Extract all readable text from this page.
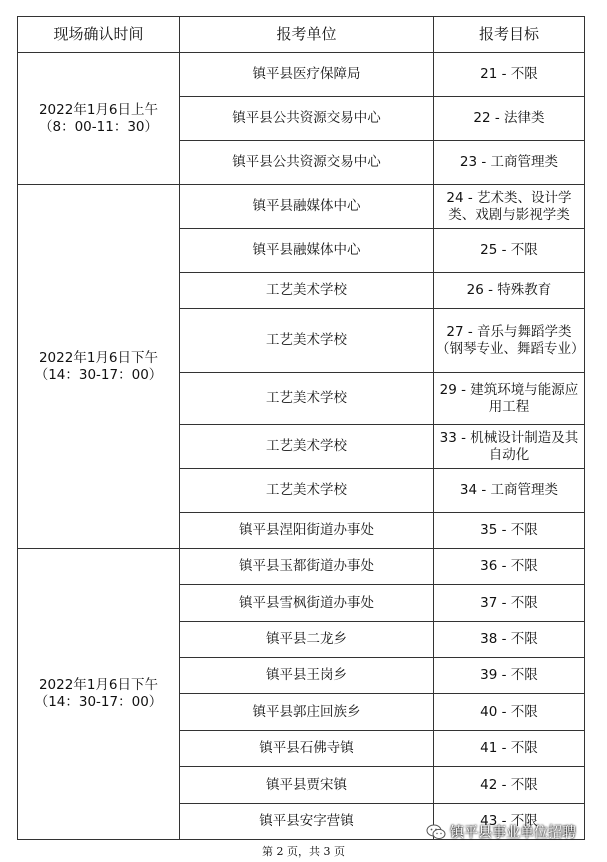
现场确认时间	报考单位	报考目标

2022年1月6日上午
（8：00-11：30）	镇平县医疗保障局	21 - 不限
	镇平县公共资源交易中心	22 - 法律类
	镇平县公共资源交易中心	23 - 工商管理类

2022年1月6日下午
（14：30-17：00）	镇平县融媒体中心	24 - 艺术类、设计学类、戏剧与影视学类
	镇平县融媒体中心	25 - 不限
	工艺美术学校	26 - 特殊教育
	工艺美术学校	27 - 音乐与舞蹈学类（钢琴专业、舞蹈专业）
	工艺美术学校	29 - 建筑环境与能源应用工程
	工艺美术学校	33 - 机械设计制造及其自动化
	工艺美术学校	34 - 工商管理类
	镇平县涅阳街道办事处	35 - 不限

2022年1月6日下午
（14：30-17：00）	镇平县玉都街道办事处	36 - 不限
	镇平县雪枫街道办事处	37 - 不限
	镇平县二龙乡	38 - 不限
	镇平县王岗乡	39 - 不限
	镇平县郭庄回族乡	40 - 不限
	镇平县石佛寺镇	41 - 不限
	镇平县贾宋镇	42 - 不限
	镇平县安字营镇	43 - 不限
镇平县事业单位招聘
第 2 页，共 3 页
